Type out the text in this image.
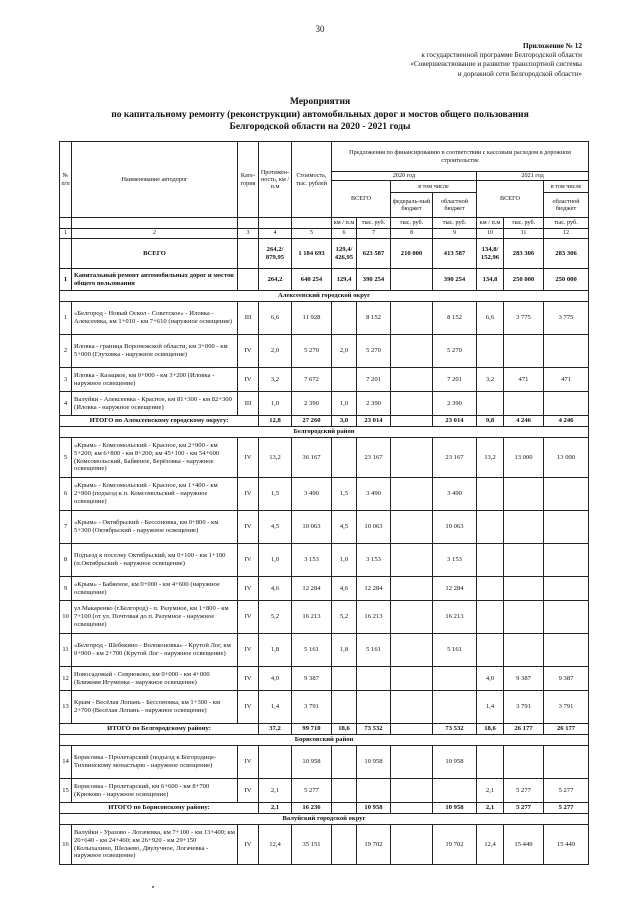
30
Приложение № 12
к государственной программе Белгородской области
«Совершенствование и развитие транспортной системы
и дорожной сети Белгородской области»
Мероприятия
по капитальному ремонту (реконструкции) автомобильных дорог и мостов общего пользования
Белгородской области на 2020 - 2021 годы
№ п/п	Наименование автодорог	Кате-гория	Протяжен-ность, км / п.м	Стоимость, тыс. рублей	Предложения по финансированию в соответствии с кассовым расходом в дорожном строительстве						
					2020 год				2021 год		
					ВСЕГО		в том числе		ВСЕГО		в том числе
							федераль-ный бюджет	областной бюджет			областной бюджет
					км / п.м	тыс. руб.	тыс. руб.	тыс. руб.	км / п.м	тыс. руб.	тыс. руб.
1	2	3	4	5	6	7	8	9	10	11	12
	ВСЕГО		264,2/ 879,95	1 184 693	129,4/ 426,95	623 587	210 000	413 587	134,8/ 152,96	283 306	283 306
I	Капитальный ремонт автомобильных дорог и мостов общего пользования		264,2	640 254	129,4	390 254		390 254	134,8	250 000	250 000
Алексеевский городской округ											
1	«Белгород - Новый Оскол - Советское» - Иловка - Алексеевка, км 1+010 - км 7+610 (наружное освещение)	III	6,6	11 928		8 152		8 152	6,6	3 775	3 775
2	Иловка - граница Воронежской области, км 3+000 - км 5+000 (Глуховка - наружное освещение)	IV	2,0	5 270	2,0	5 270		5 270			
3	Иловка - Казацкое, км 0+000 - км 3+200 (Иловка - наружное освещение)	IV	3,2	7 672		7 201		7 201	3,2	471	471
4	Валуйки - Алексеевка - Красное, км 81+300 - км 82+300 (Иловка - наружное освещение)	III	1,0	2 390	1,0	2 390		2 390			
ИТОГО по Алексеевскому городскому округу:			12,8	27 260	3,0	23 014		23 014	9,8	4 246	4 246
Белгородский район											
5	«Крым» - Комсомольский - Красное, км 2+900 - км 5+200; км 6+800 - км 8+200; км 45+100 - км 54+600 (Комсомольский, Бабяеное, Берёзовка - наружное освещение)	IV	13,2	36 167		23 167		23 167	13,2	13 000	13 000
6	«Крым» - Комсомольский - Красное, км 1+400 - км 2+900 (подъезд к п. Комсомольский - наружное освещение)	IV	1,5	3 490	1,5	3 490		3 490			
7	«Крым» - Октябрьский - Бессоновка, км 0+800 - км 5+300 (Октябрьский - наружное освещение)	IV	4,5	10 063	4,5	10 063		10 063			
8	Подъезд к поселку Октябрьский, км 0+100 - км 1+100 (п.Октябрьский - наружное освещение)	IV	1,0	3 153	1,0	3 153		3 153			
9	«Крым» - Бабяеное, км 0+000 - км 4+600 (наружное освещение)	IV	4,6	12 284	4,6	12 284		12 284			
10	ул.Макаренко (г.Белгород) - п. Разумное, км 1+800 - км 7+100 (от ул. Почтовая до п. Разумное - наружное освещение)	IV	5,2	16 213	5,2	16 213		16 213			
11	«Белгород - Шебекино - Волоконовка» - Крутой Лог, км 0+900 - км 2+700 (Крутой Лог - наружное освещение)	IV	1,8	5 161	1,8	5 161		5 161			
12	Новосадовый - Севрюково, км 0+000 - км 4+000 (Ближняя Игуменка - наружное освещение)	IV	4,0	9 387					4,0	9 387	9 387
13	Крым - Весёлая Лопань - Бессоновка, км 1+300 - км 2+700 (Весёлая Лопань - наружное освещение)	IV	1,4	3 791					1,4	3 791	3 791
ИТОГО по Белгородскому району:			37,2	99 710	18,6	73 532		73 532	18,6	26 177	26 177
Борисовский район											
14	Борисовка - Пролетарский (подъезд к Богородице-Тихвинскому монастырю - наружное освещение)	IV		10 958		10 958		10 958			
15	Борисовка - Пролетарский, км 6+600 - км 8+700 (Крюково - наружное освещение)	IV	2,1	5 277					2,1	5 277	5 277
ИТОГО по Борисовскому району:			2,1	16 236		10 958		10 958	2,1	5 277	5 277
Валуйский городской округ											
16	Валуйки - Уразово - Логачевка, км 7+100 - км 13+400; км 20+640 - км 24+460; км 26+920 - км 29+150 (Колыхалино, Шелаево, Двулучное, Логачевка - наружное освещение)	IV	12,4	35 151		19 702		19 702	12,4	15 449	15 449
